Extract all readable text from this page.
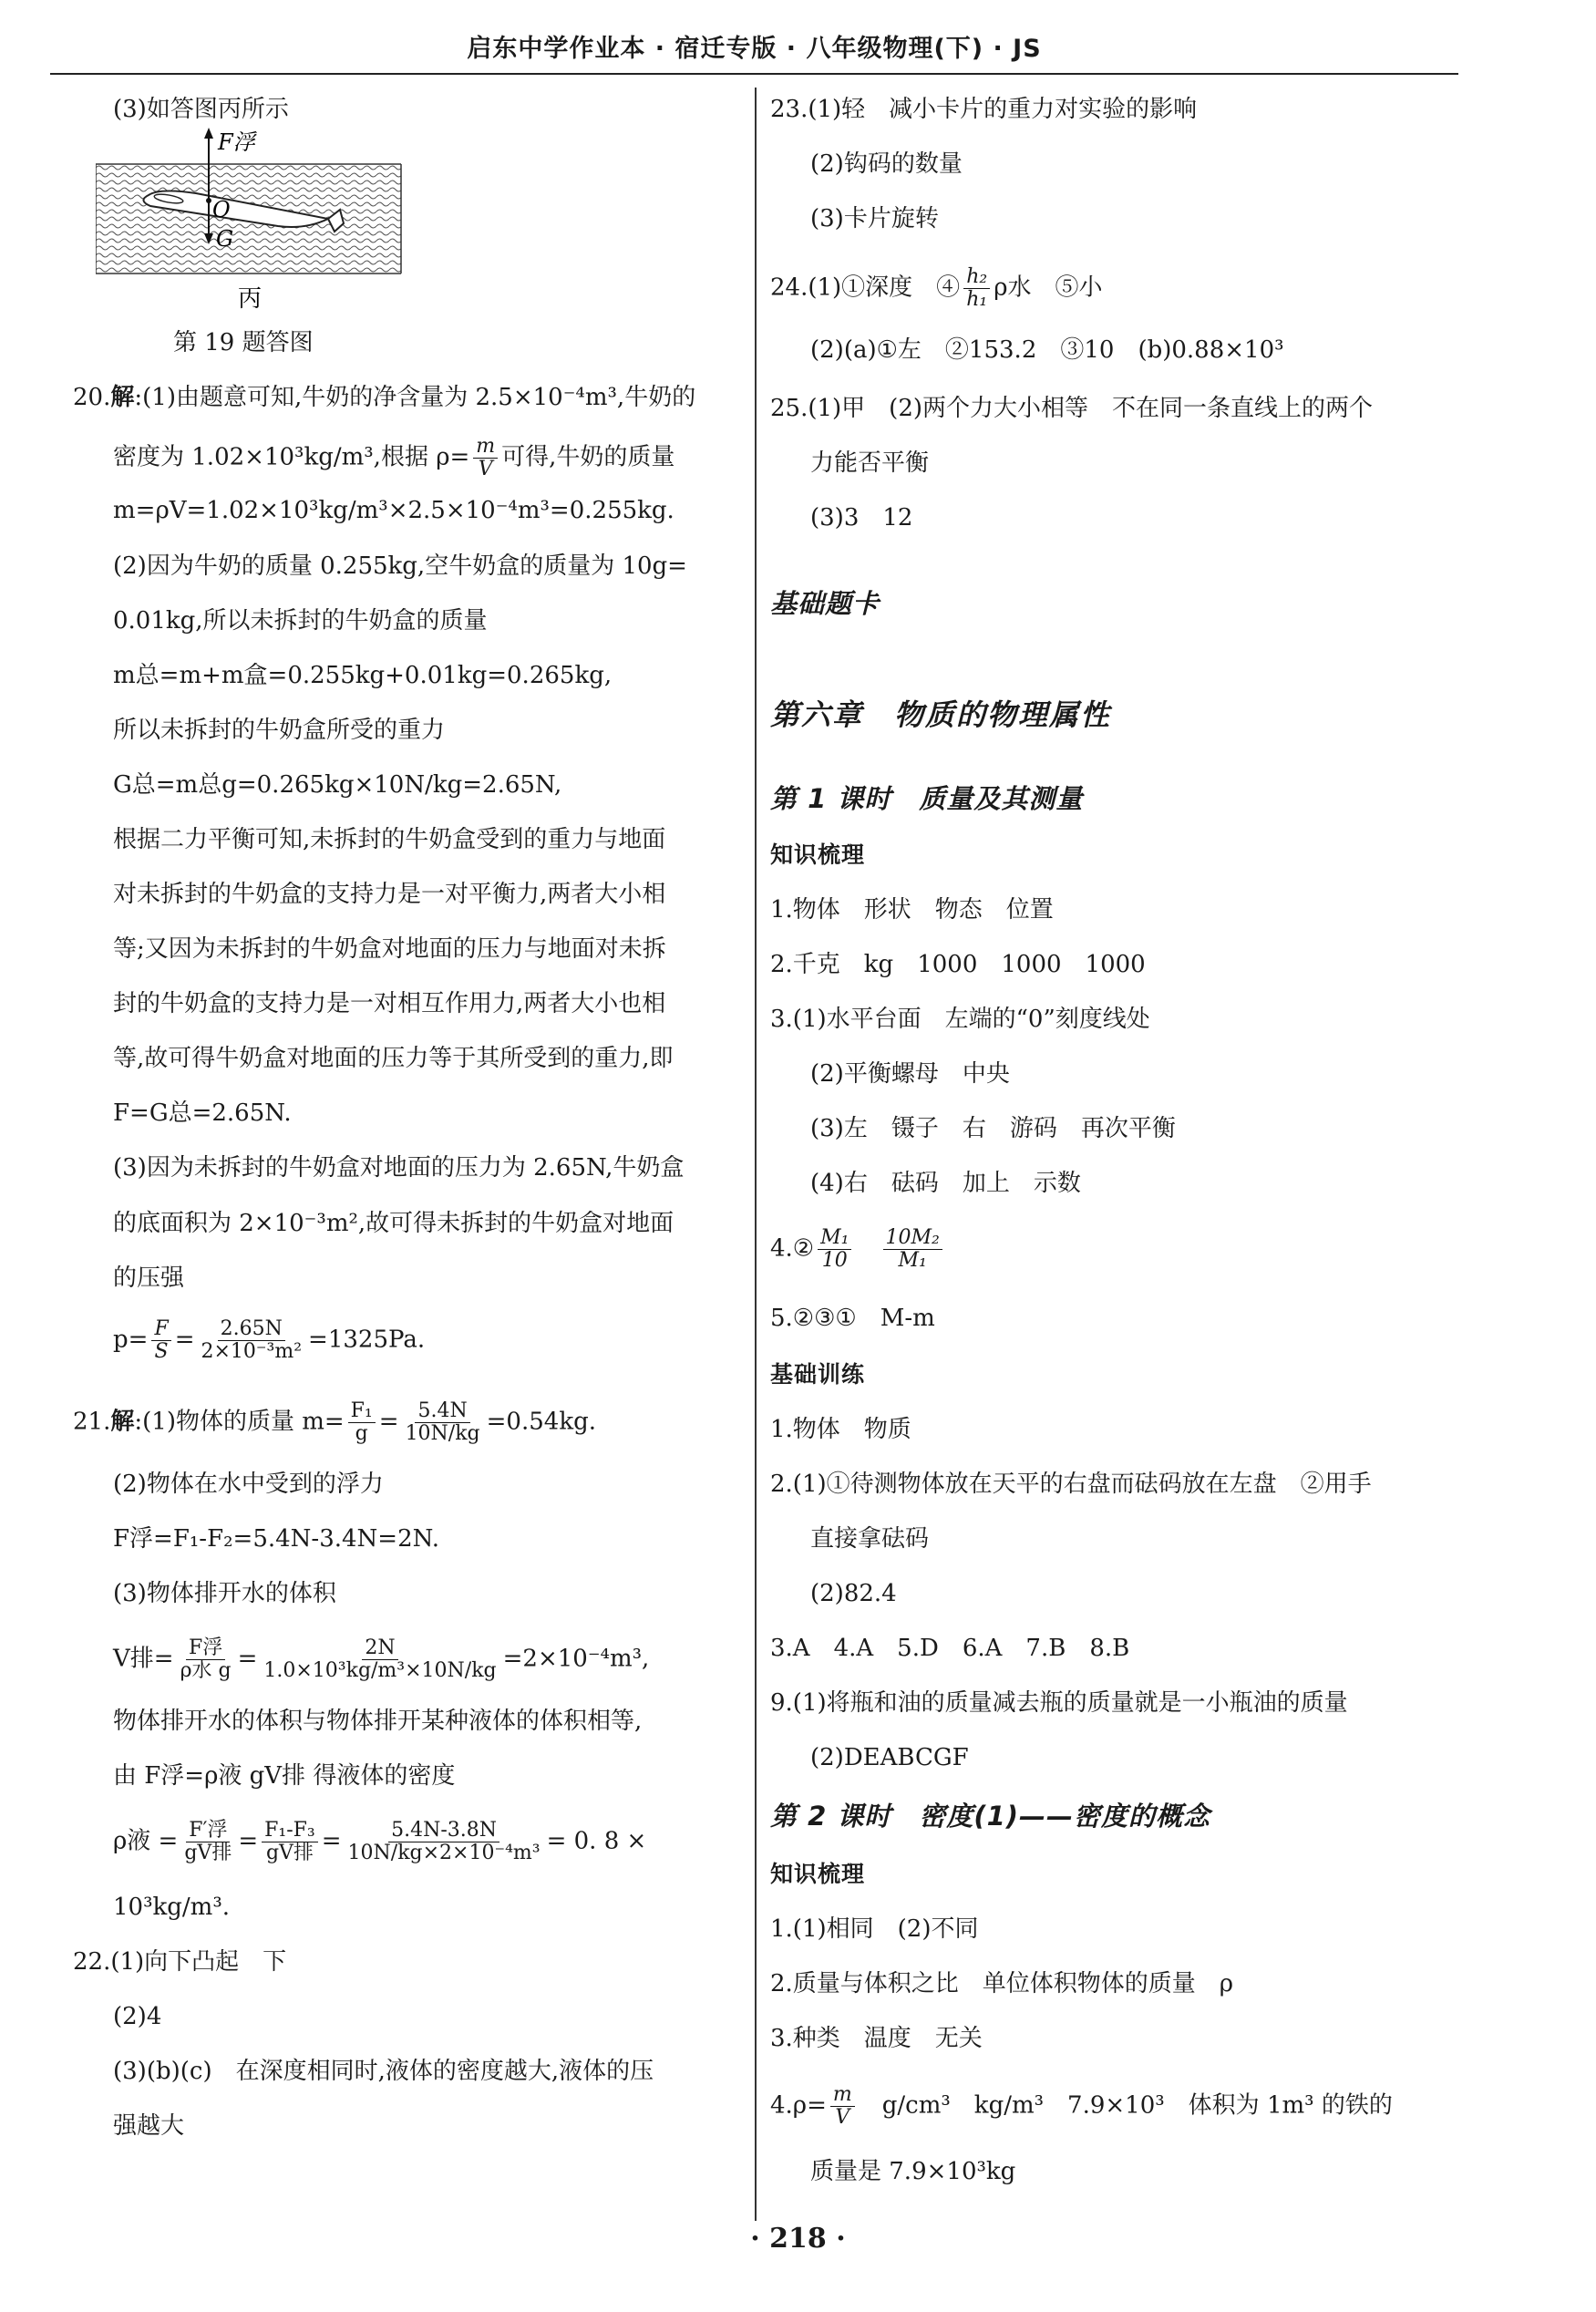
启东中学作业本 · 宿迁专版 · 八年级物理(下) · JS
F浮
O
G
丙
(3)如答图丙所示
第 19 题答图
20.解:(1)由题意可知,牛奶的净含量为 2.5×10⁻⁴m³,牛奶的
密度为 1.02×10³kg/m³,根据 $\rho= \frac{m}{V}$ 可得,牛奶的质量
m=ρV=1.02×10³kg/m³×2.5×10⁻⁴m³=0.255kg.
(2)因为牛奶的质量 0.255kg,空牛奶盒的质量为 10g=
0.01kg,所以未拆封的牛奶盒的质量
m总=m+m盒=0.255kg+0.01kg=0.265kg,
所以未拆封的牛奶盒所受的重力
G总=m总g=0.265kg×10N/kg=2.65N,
根据二力平衡可知,未拆封的牛奶盒受到的重力与地面
对未拆封的牛奶盒的支持力是一对平衡力,两者大小相
等;又因为未拆封的牛奶盒对地面的压力与地面对未拆
封的牛奶盒的支持力是一对相互作用力,两者大小也相
等,故可得牛奶盒对地面的压力等于其所受到的重力,即
F=G总=2.65N.
(3)因为未拆封的牛奶盒对地面的压力为 2.65N,牛奶盒
的底面积为 2×10⁻³m²,故可得未拆封的牛奶盒对地面
的压强
$p= \frac{F}{S} = \frac{2.65N}{\text{2×10⁻³m²}} =1325Pa$.
21.解:(1)物体的质量 $m= \frac{\text{F₁}}{g} = \frac{5.4N}{10N/kg} =0.54kg$.
(2)物体在水中受到的浮力
F浮=F₁-F₂=5.4N-3.4N=2N.
(3)物体排开水的体积
V排= $\frac{\text{F浮}}{\text{ρ水 g}} = \frac{2N}{\text{1.0×10³kg/m³×10N/kg}} =2\times 10^{-4}m^3$,
物体排开水的体积与物体排开某种液体的体积相等,
由 F浮=ρ液 gV排 得液体的密度
ρ液 = $\frac{\text{F′浮}}{\text{gV排}} = \frac{\text{F₁-F₃}}{\text{gV排}} = \frac{5.4N-3.8N}{\text{10N/kg×2×10⁻⁴m³}} = 0$. 8 ×
10³kg/m³.
22.(1)向下凸起　下
(2)4
(3)(b)(c)　在深度相同时,液体的密度越大,液体的压
强越大
23.(1)轻　减小卡片的重力对实验的影响
(2)钩码的数量
(3)卡片旋转
24.(1)①深度　④ $\frac{\text{h₂}}{\text{h₁}}$ ρ水　⑤小
(2)(a)①左　②153.2　③10　(b)0.88×10³
25.(1)甲　(2)两个力大小相等　不在同一条直线上的两个
力能否平衡
(3)3　12
基础题卡
第六章　物质的物理属性
第 1 课时　质量及其测量
知识梳理
1.物体　形状　物态　位置
2.千克　kg　1000　1000　1000
3.(1)水平台面　左端的“0”刻度线处
(2)平衡螺母　中央
(3)左　镊子　右　游码　再次平衡
(4)右　砝码　加上　示数
4.② $\frac{\text{M₁}}{10}$
　 $\frac{\text{10M₂}}{\text{M₁}}$
5.②③①　M-m
基础训练
1.物体　物质
2.(1)①待测物体放在天平的右盘而砝码放在左盘　②用手
直接拿砝码
(2)82.4
3.A　4.A　5.D　6.A　7.B　8.B
9.(1)将瓶和油的质量减去瓶的质量就是一小瓶油的质量
(2)DEABCGF
第 2 课时　密度(1)——密度的概念
知识梳理
1.(1)相同　(2)不同
2.质量与体积之比　单位体积物体的质量　ρ
3.种类　温度　无关
$4.\rho= \frac{m}{V}$ 　g/cm³　kg/m³　7.9×10³　体积为 1m³ 的铁的
质量是 7.9×10³kg
· 218 ·
